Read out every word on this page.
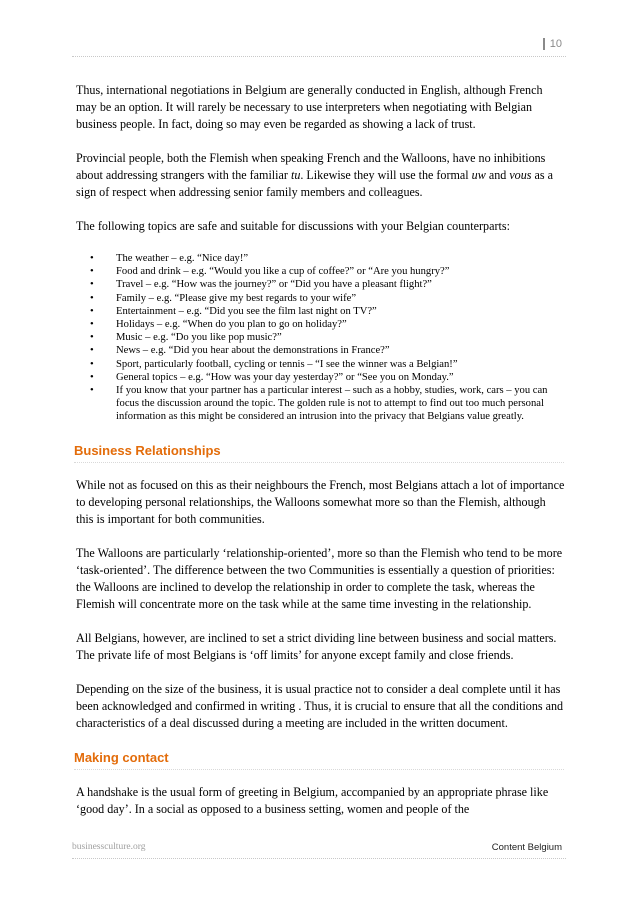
10

Thus, international negotiations in Belgium are generally conducted in English, although French may be an option. It will rarely be necessary to use interpreters when negotiating with Belgian business people. In fact, doing so may even be regarded as showing a lack of trust.

Provincial people, both the Flemish when speaking French and the Walloons, have no inhibitions about addressing strangers with the familiar tu. Likewise they will use the formal uw and vous as a sign of respect when addressing senior family members and colleagues.

The following topics are safe and suitable for discussions with your Belgian counterparts:

• The weather – e.g. “Nice day!”
• Food and drink – e.g. “Would you like a cup of coffee?” or “Are you hungry?”
• Travel – e.g. “How was the journey?” or “Did you have a pleasant flight?”
• Family – e.g. “Please give my best regards to your wife”
• Entertainment – e.g. “Did you see the film last night on TV?”
• Holidays – e.g. “When do you plan to go on holiday?”
• Music – e.g. “Do you like pop music?”
• News – e.g. “Did you hear about the demonstrations in France?”
• Sport, particularly football, cycling or tennis – “I see the winner was a Belgian!”
• General topics – e.g. “How was your day yesterday?” or “See you on Monday.”
• If you know that your partner has a particular interest – such as a hobby, studies, work, cars – you can focus the discussion around the topic. The golden rule is not to attempt to find out too much personal information as this might be considered an intrusion into the privacy that Belgians value greatly.
Business Relationships

While not as focused on this as their neighbours the French, most Belgians attach a lot of importance to developing personal relationships, the Walloons somewhat more so than the Flemish, although this is important for both communities.

The Walloons are particularly ‘relationship-oriented’, more so than the Flemish who tend to be more ‘task-oriented’. The difference between the two Communities is essentially a question of priorities: the Walloons are inclined to develop the relationship in order to complete the task, whereas the Flemish will concentrate more on the task while at the same time investing in the relationship.

All Belgians, however, are inclined to set a strict dividing line between business and social matters. The private life of most Belgians is ‘off limits’ for anyone except family and close friends.

Depending on the size of the business, it is usual practice not to consider a deal complete until it has been acknowledged and confirmed in writing . Thus, it is crucial to ensure that all the conditions and characteristics of a deal discussed during a meeting are included in the written document.

Making contact

A handshake is the usual form of greeting in Belgium, accompanied by an appropriate phrase like ‘good day’. In a social as opposed to a business setting, women and people of the

businessculture.org	Content Belgium
